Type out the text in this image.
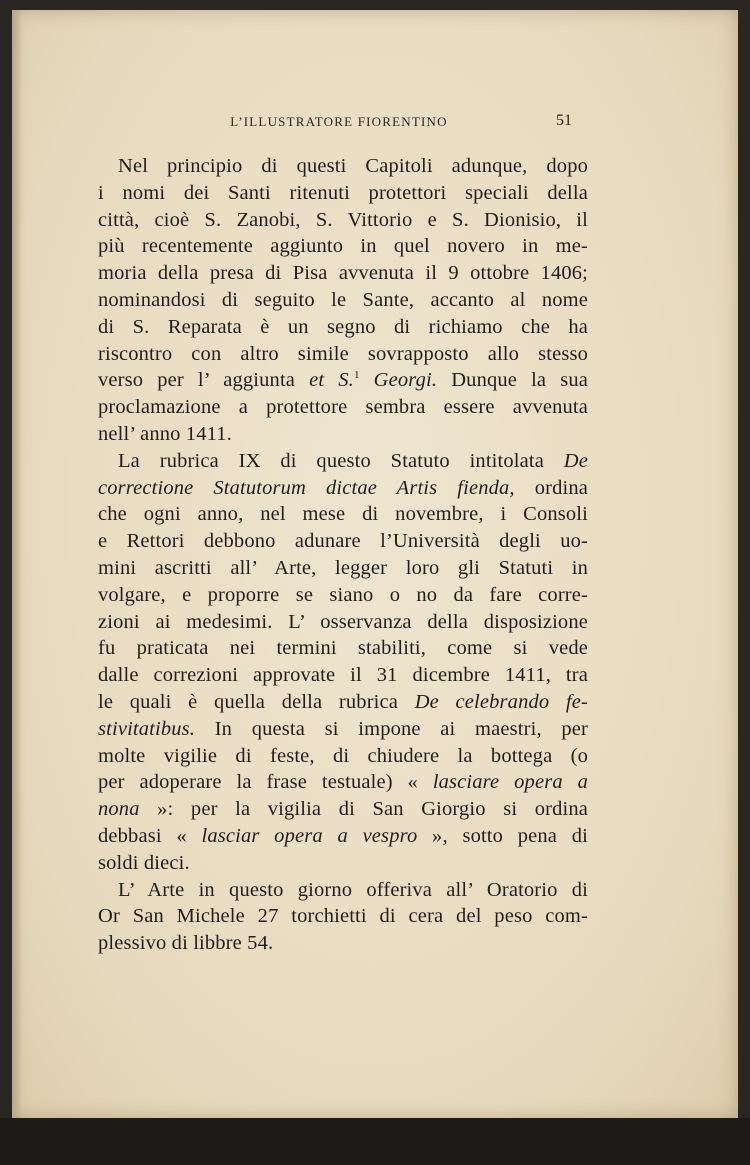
L’ILLUSTRATORE FIORENTINO	51

Nel principio di questi Capitoli adunque, dopo
i nomi dei Santi ritenuti protettori speciali della
città, cioè S. Zanobi, S. Vittorio e S. Dionisio, il
più recentemente aggiunto in quel novero in me-
moria della presa di Pisa avvenuta il 9 ottobre 1406;
nominandosi di seguito le Sante, accanto al nome
di S. Reparata è un segno di richiamo che ha
riscontro con altro simile sovrapposto allo stesso
verso per l’ aggiunta et S.$^1$ Georgi. Dunque la sua
proclamazione a protettore sembra essere avvenuta
nell’ anno 1411.

La rubrica IX di questo Statuto intitolata De
correctione Statutorum dictae Artis fienda, ordina
che ogni anno, nel mese di novembre, i Consoli
e Rettori debbono adunare l’Università degli uo-
mini ascritti all’ Arte, legger loro gli Statuti in
volgare, e proporre se siano o no da fare corre-
zioni ai medesimi. L’ osservanza della disposizione
fu praticata nei termini stabiliti, come si vede
dalle correzioni approvate il 31 dicembre 1411, tra
le quali è quella della rubrica De celebrando fe-
stivitatibus. In questa si impone ai maestri, per
molte vigilie di feste, di chiudere la bottega (o
per adoperare la frase testuale) « lasciare opera a
nona »: per la vigilia di San Giorgio si ordina
debbasi « lasciar opera a vespro », sotto pena di
soldi dieci.

L’ Arte in questo giorno offeriva all’ Oratorio di
Or San Michele 27 torchietti di cera del peso com-
plessivo di libbre 54.
